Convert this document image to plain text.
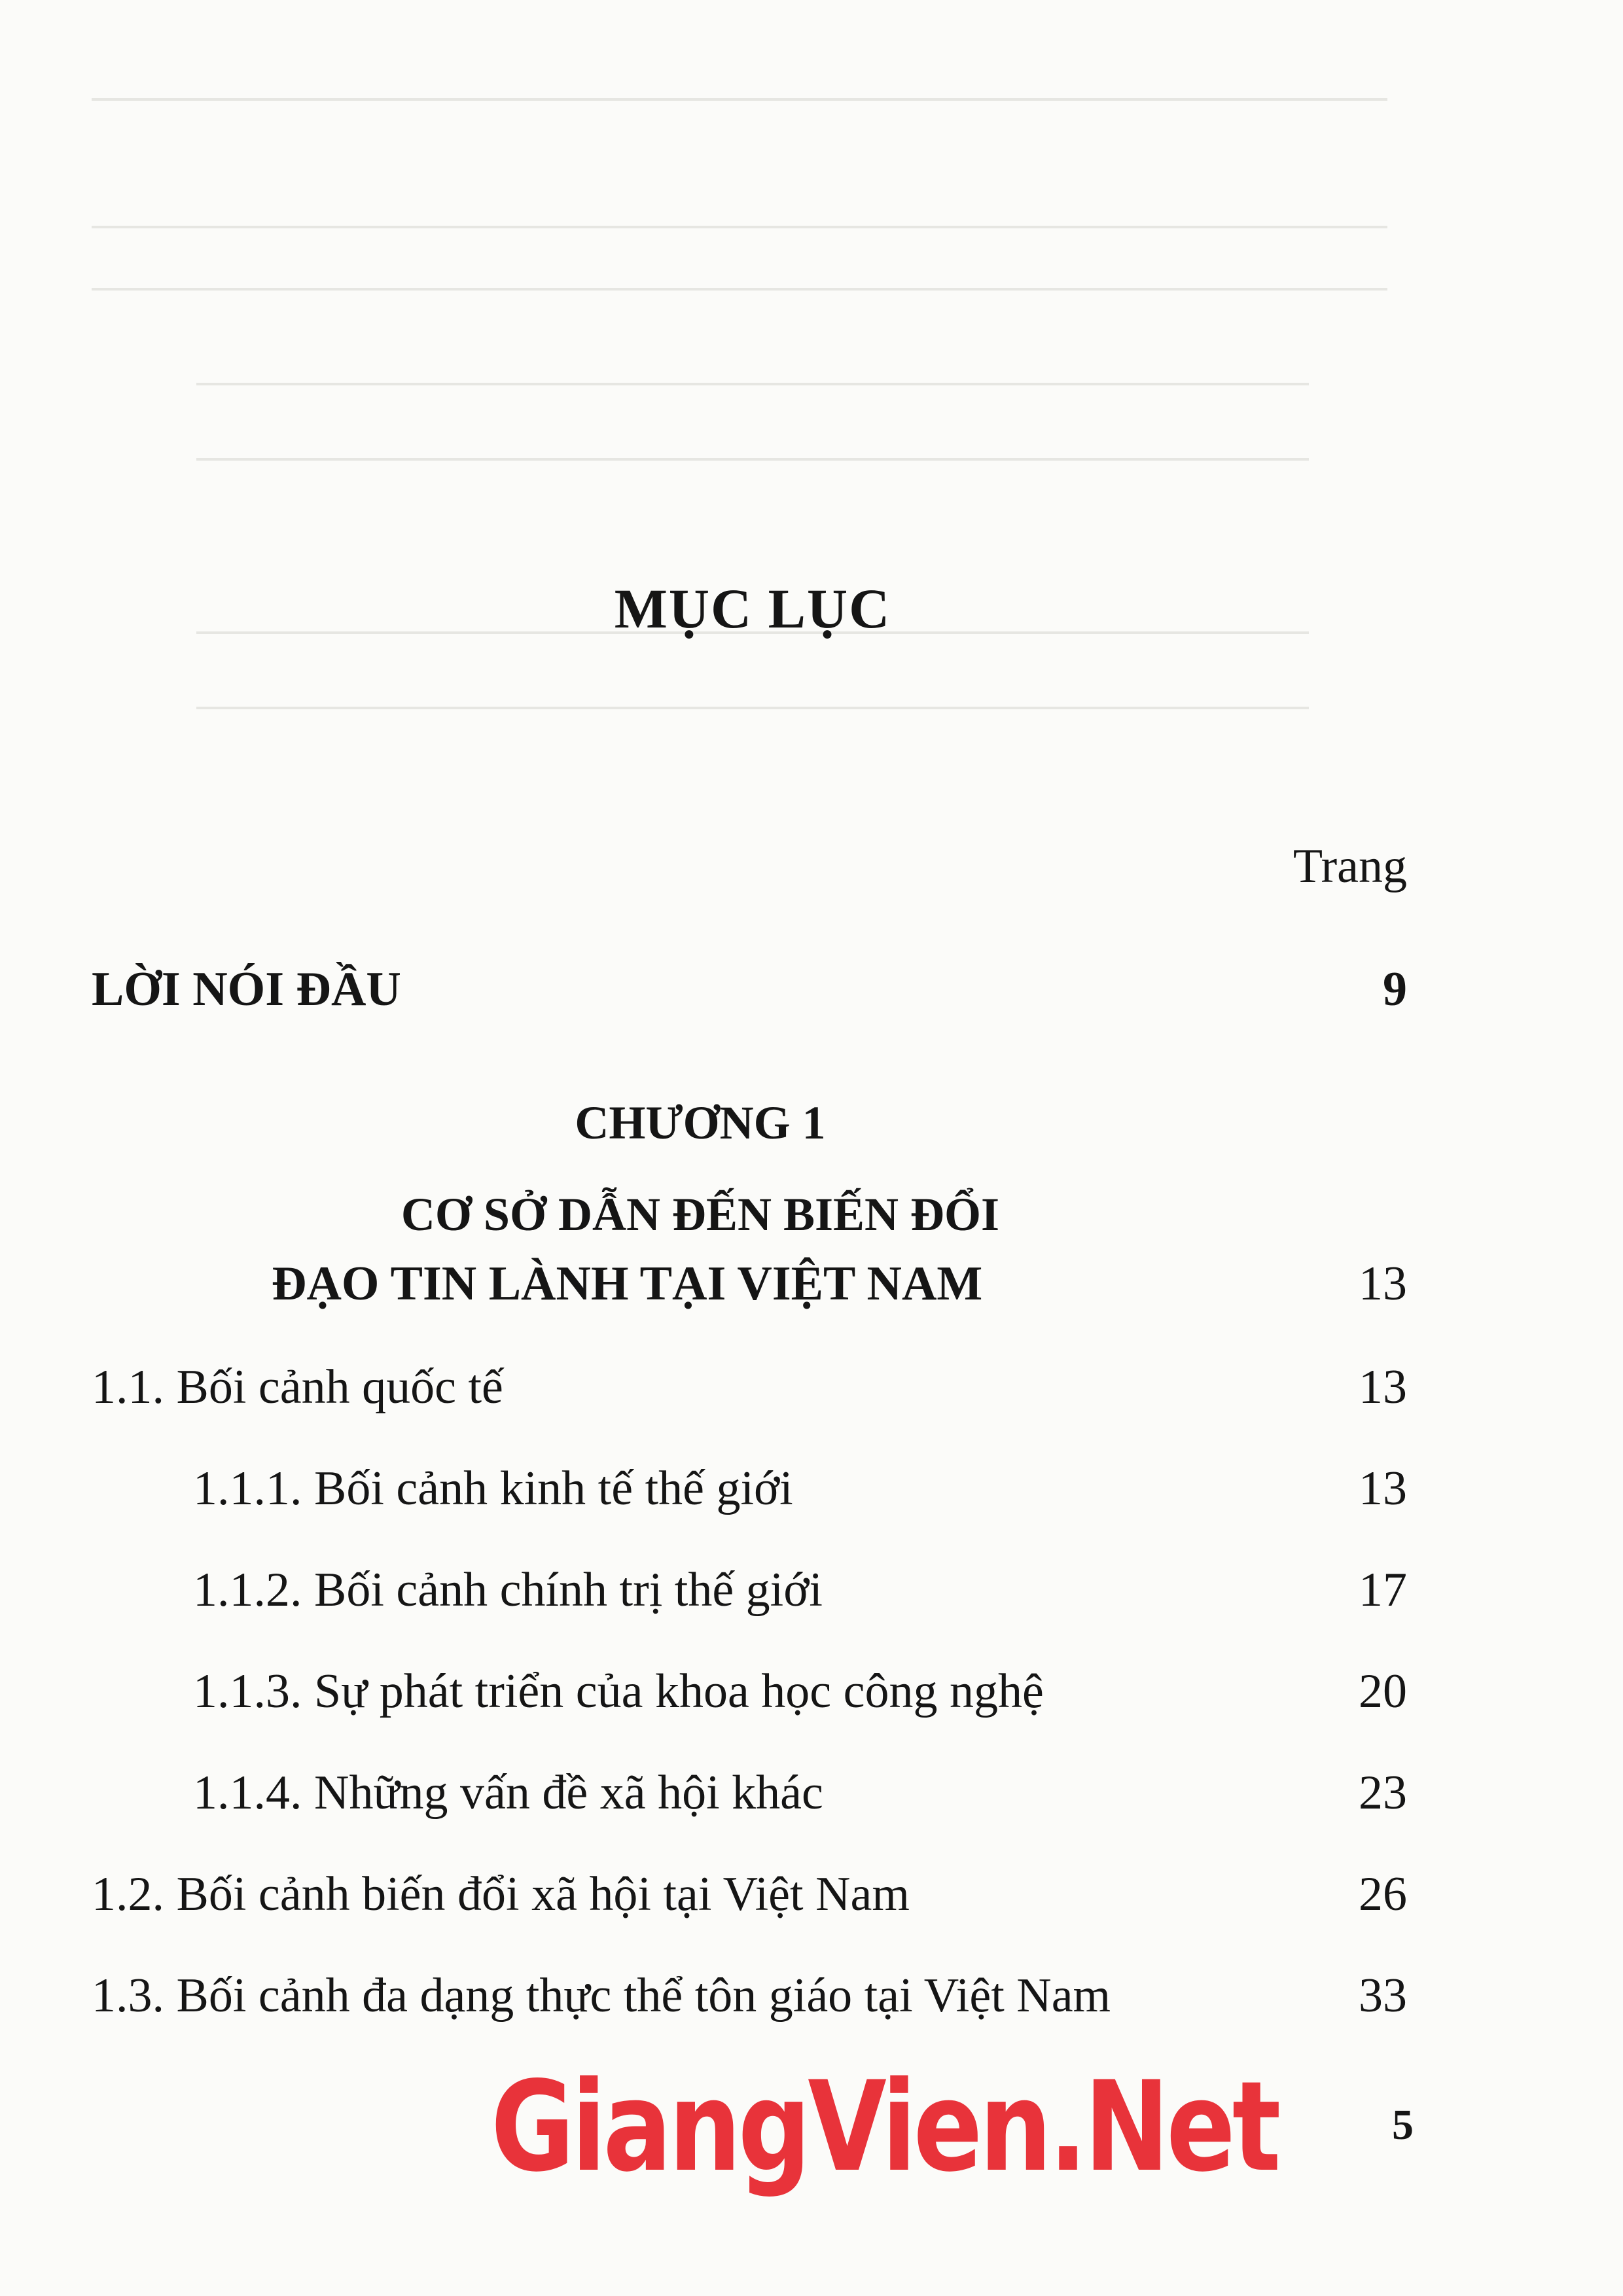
MỤC LỤC
Trang
LỜI NÓI ĐẦU	9
CHƯƠNG 1
CƠ SỞ DẪN ĐẾN BIẾN ĐỔI
ĐẠO TIN LÀNH TẠI VIỆT NAM	13
1.1. Bối cảnh quốc tế	13
1.1.1. Bối cảnh kinh tế thế giới	13
1.1.2. Bối cảnh chính trị thế giới	17
1.1.3. Sự phát triển của khoa học công nghệ	20
1.1.4. Những vấn đề xã hội khác	23
1.2. Bối cảnh biến đổi xã hội tại Việt Nam	26
1.3. Bối cảnh đa dạng thực thể tôn giáo tại Việt Nam	33
GiangVien.Net	5
